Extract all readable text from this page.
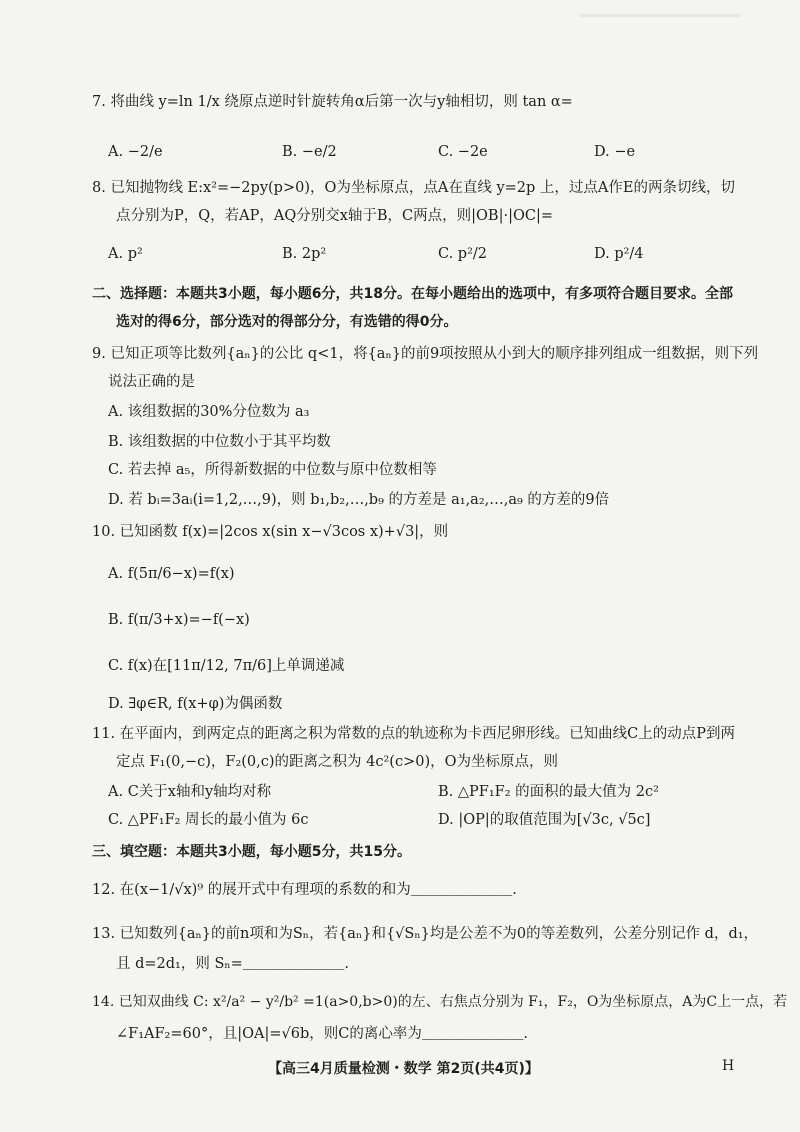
7. 将曲线 y=ln 1/x 绕原点逆时针旋转角α后第一次与y轴相切，则 tan α=
A. −2/e	B. −e/2	C. −2e	D. −e
8. 已知抛物线 E:x²=−2py(p>0)，O为坐标原点，点A在直线 y=2p 上，过点A作E的两条切线，切
点分别为P，Q，若AP，AQ分别交x轴于B，C两点，则|OB|·|OC|=
A. p²	B. 2p²	C. p²/2	D. p²/4
二、选择题：本题共3小题，每小题6分，共18分。在每小题给出的选项中，有多项符合题目要求。全部
选对的得6分，部分选对的得部分分，有选错的得0分。
9. 已知正项等比数列{aₙ}的公比 q<1，将{aₙ}的前9项按照从小到大的顺序排列组成一组数据，则下列
说法正确的是
A. 该组数据的30%分位数为 a₃
B. 该组数据的中位数小于其平均数
C. 若去掉 a₅，所得新数据的中位数与原中位数相等
D. 若 bᵢ=3aᵢ(i=1,2,…,9)，则 b₁,b₂,…,b₉ 的方差是 a₁,a₂,…,a₉ 的方差的9倍
10. 已知函数 f(x)=|2cos x(sin x−√3cos x)+√3|，则
A. f(5π/6−x)=f(x)
B. f(π/3+x)=−f(−x)
C. f(x)在[11π/12, 7π/6]上单调递减
D. ∃φ∈R, f(x+φ)为偶函数
11. 在平面内，到两定点的距离之积为常数的点的轨迹称为卡西尼卵形线。已知曲线C上的动点P到两
定点 F₁(0,−c)，F₂(0,c)的距离之积为 4c²(c>0)，O为坐标原点，则
A. C关于x轴和y轴均对称	B. △PF₁F₂ 的面积的最大值为 2c²
C. △PF₁F₂ 周长的最小值为 6c	D. |OP|的取值范围为[√3c, √5c]
三、填空题：本题共3小题，每小题5分，共15分。
12. 在(x−1/√x)⁹ 的展开式中有理项的系数的和为＿＿＿＿＿＿＿.
13. 已知数列{aₙ}的前n项和为Sₙ，若{aₙ}和{√Sₙ}均是公差不为0的等差数列，公差分别记作 d，d₁，
且 d=2d₁，则 Sₙ=＿＿＿＿＿＿＿.
14. 已知双曲线 C: x²/a² − y²/b² =1(a>0,b>0)的左、右焦点分别为 F₁，F₂，O为坐标原点，A为C上一点，若
∠F₁AF₂=60°，且|OA|=√6b，则C的离心率为＿＿＿＿＿＿＿.
【高三4月质量检测・数学 第2页(共4页)】	H
